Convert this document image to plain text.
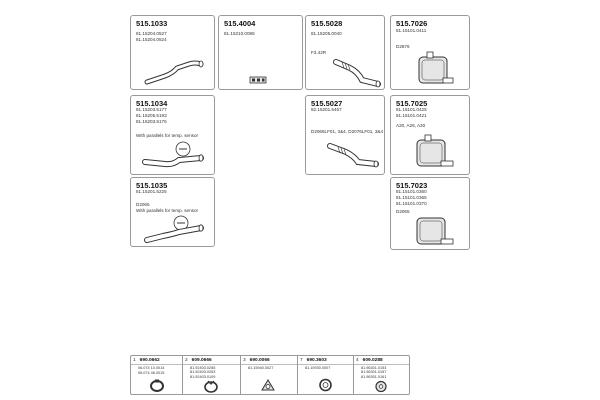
515.1033
81.15204.0527
81.15204.0524
515.4004
81.15210.0086
515.5028
81.15205.0040
F3.42R
515.7026
81.15101.0411
D2876
515.1034
81.15203.5177
81.15205.5193
81.15203.5176
With parallels for temp. sensor
515.5027
82.15201.5457
D2066LF01, 3&4, D2076LF01, 3&4
515.7025
81.15101.0425
81.15101.0421
A20, A26, A30
515.1035
81.15201.5225
D2065
With parallels for temp. sensor
515.7023
81.15101.0360
81.15101.0365
81.15101.0370
D2065
1 690.0662
06.074 10.0014
06.074 46.0015
2 609.0666
81.92403.0265
81.92403.0263
81.92403.0109
3 690.0066
81.15940.0027
7 690.3603
81.15930.0007
4 609.0288
81.96301.0153
81.96301.0157
81.96301.0161
